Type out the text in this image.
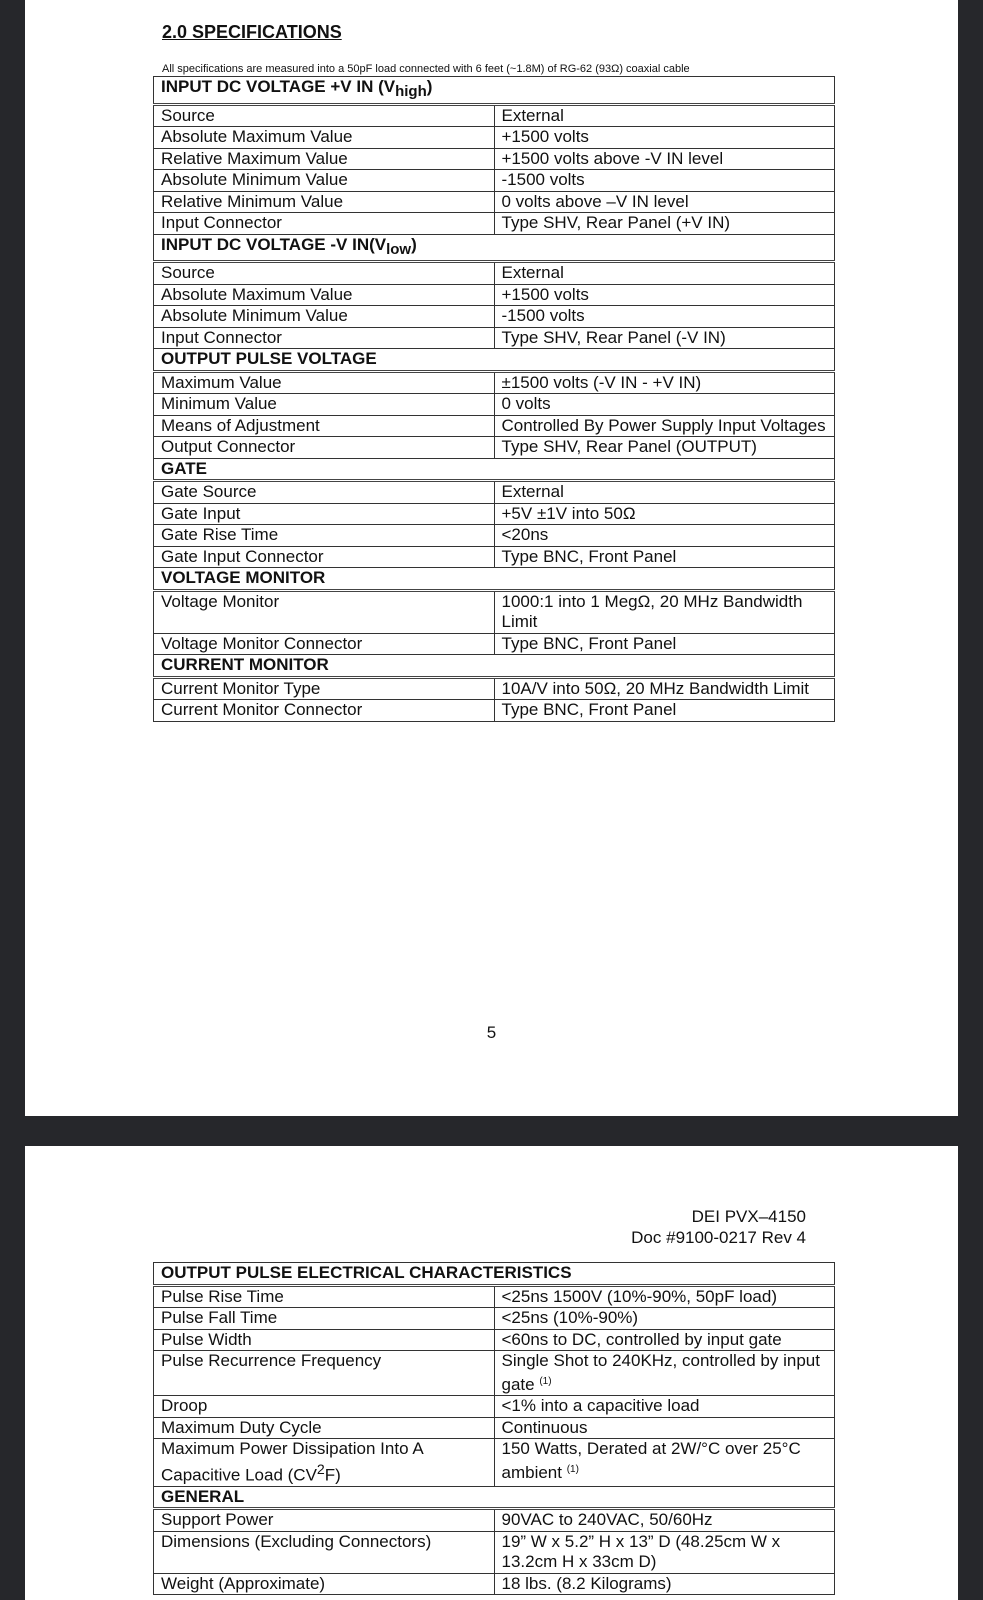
2.0 SPECIFICATIONS
All specifications are measured into a 50pF load connected with 6 feet (~1.8M) of RG-62 (93Ω) coaxial cable
INPUT DC VOLTAGE +V IN $(V_{high})$	
Source	External
Absolute Maximum Value	+1500 volts
Relative Maximum Value	+1500 volts above -V IN level
Absolute Minimum Value	-1500 volts
Relative Minimum Value	0 volts above –V IN level
Input Connector	Type SHV, Rear Panel (+V IN)
INPUT DC VOLTAGE -V $IN(V_{low})$	
Source	External
Absolute Maximum Value	+1500 volts
Absolute Minimum Value	-1500 volts
Input Connector	Type SHV, Rear Panel (-V IN)
OUTPUT PULSE VOLTAGE	
Maximum Value	±1500 volts (-V IN - +V IN)
Minimum Value	0 volts
Means of Adjustment	Controlled By Power Supply Input Voltages
Output Connector	Type SHV, Rear Panel (OUTPUT)
GATE	
Gate Source	External
Gate Input	+5V ±1V into 50Ω
Gate Rise Time	<20ns
Gate Input Connector	Type BNC, Front Panel
VOLTAGE MONITOR	
Voltage Monitor	1000:1 into 1 MegΩ, 20 MHz Bandwidth Limit
Voltage Monitor Connector	Type BNC, Front Panel
CURRENT MONITOR	
Current Monitor Type	10A/V into 50Ω, 20 MHz Bandwidth Limit
Current Monitor Connector	Type BNC, Front Panel
5
DEI PVX–4150
Doc #9100-0217 Rev 4
OUTPUT PULSE ELECTRICAL CHARACTERISTICS	
Pulse Rise Time	<25ns 1500V (10%-90%, 50pF load)
Pulse Fall Time	<25ns (10%-90%)
Pulse Width	<60ns to DC, controlled by input gate
Pulse Recurrence Frequency	Single Shot to 240KHz, controlled by input gate $^{(1)}$
Droop	<1% into a capacitive load
Maximum Duty Cycle	Continuous
Maximum Power Dissipation Into A Capacitive Load $(CV^2F)$	150 Watts, Derated at 2W/°C over 25°C ambient $^{(1)}$
GENERAL	
Support Power	90VAC to 240VAC, 50/60Hz
Dimensions (Excluding Connectors)	19” W x 5.2” H x 13” D (48.25cm W x 13.2cm H x 33cm D)
Weight (Approximate)	18 lbs. (8.2 Kilograms)
